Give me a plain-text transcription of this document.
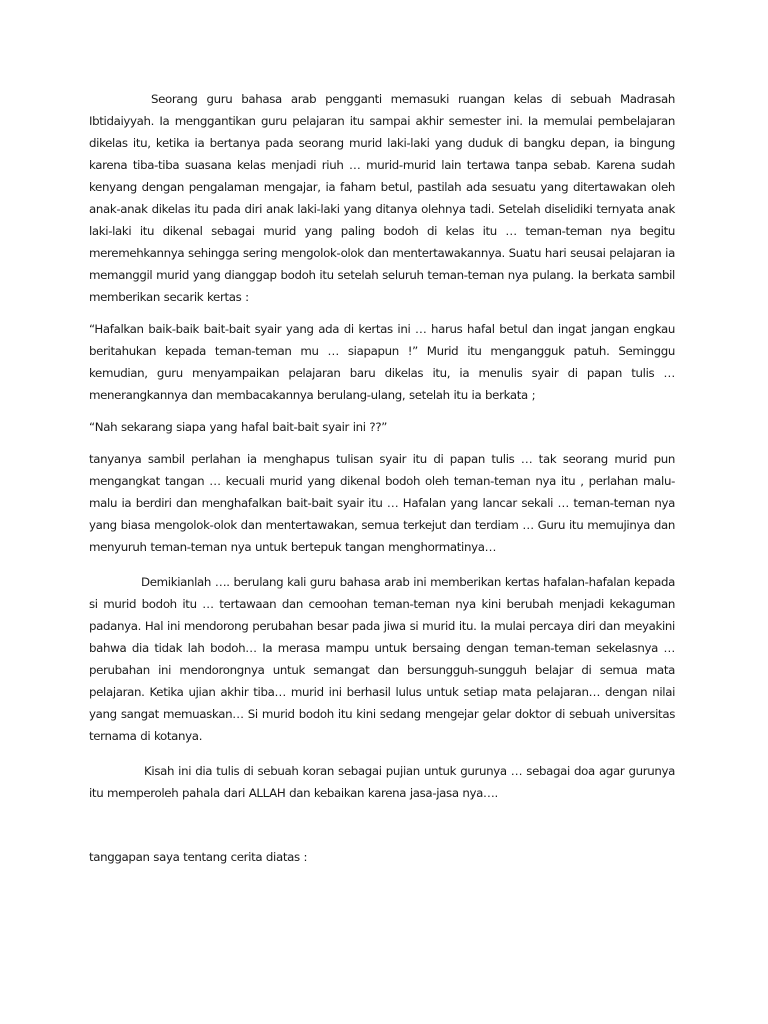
Seorang guru bahasa arab pengganti memasuki ruangan kelas di sebuah Madrasah Ibtidaiyyah. Ia menggantikan guru pelajaran itu sampai akhir semester ini. Ia memulai pembelajaran dikelas itu, ketika ia bertanya pada seorang murid laki-laki yang duduk di bangku depan, ia bingung karena tiba-tiba suasana kelas menjadi riuh … murid-murid lain tertawa tanpa sebab. Karena sudah kenyang dengan pengalaman mengajar, ia faham betul, pastilah ada sesuatu yang ditertawakan oleh anak-anak dikelas itu pada diri anak laki-laki yang ditanya olehnya tadi. Setelah diselidiki ternyata anak laki-laki itu dikenal sebagai murid yang paling bodoh di kelas itu … teman-teman nya begitu meremehkannya sehingga sering mengolok-olok dan mentertawakannya. Suatu hari seusai pelajaran ia memanggil murid yang dianggap bodoh itu setelah seluruh teman-teman nya pulang. Ia berkata sambil memberikan secarik kertas :

“Hafalkan baik-baik bait-bait syair yang ada di kertas ini … harus hafal betul dan ingat jangan engkau beritahukan kepada teman-teman mu … siapapun !” Murid itu mengangguk patuh. Seminggu kemudian, guru menyampaikan pelajaran baru dikelas itu, ia menulis syair di papan tulis … menerangkannya dan membacakannya berulang-ulang, setelah itu ia berkata ;

“Nah sekarang siapa yang hafal bait-bait syair ini ??”

tanyanya sambil perlahan ia menghapus tulisan syair itu di papan tulis … tak seorang murid pun mengangkat tangan … kecuali murid yang dikenal bodoh oleh teman-teman nya itu , perlahan malu-malu ia berdiri dan menghafalkan bait-bait syair itu … Hafalan yang lancar sekali … teman-teman nya yang biasa mengolok-olok dan mentertawakan, semua terkejut dan terdiam … Guru itu memujinya dan menyuruh teman-teman nya untuk bertepuk tangan menghormatinya…

Demikianlah …. berulang kali guru bahasa arab ini memberikan kertas hafalan-hafalan kepada si murid bodoh itu … tertawaan dan cemoohan teman-teman nya kini berubah menjadi kekaguman padanya. Hal ini mendorong perubahan besar pada jiwa si murid itu. Ia mulai percaya diri dan meyakini bahwa dia tidak lah bodoh… Ia merasa mampu untuk bersaing dengan teman-teman sekelasnya … perubahan ini mendorongnya untuk semangat dan bersungguh-sungguh belajar di semua mata pelajaran. Ketika ujian akhir tiba… murid ini berhasil lulus untuk setiap mata pelajaran… dengan nilai yang sangat memuaskan… Si murid bodoh itu kini sedang mengejar gelar doktor di sebuah universitas ternama di kotanya.

Kisah ini dia tulis di sebuah koran sebagai pujian untuk gurunya … sebagai doa agar gurunya itu memperoleh pahala dari ALLAH dan kebaikan karena jasa-jasa nya….

tanggapan saya tentang cerita diatas :
